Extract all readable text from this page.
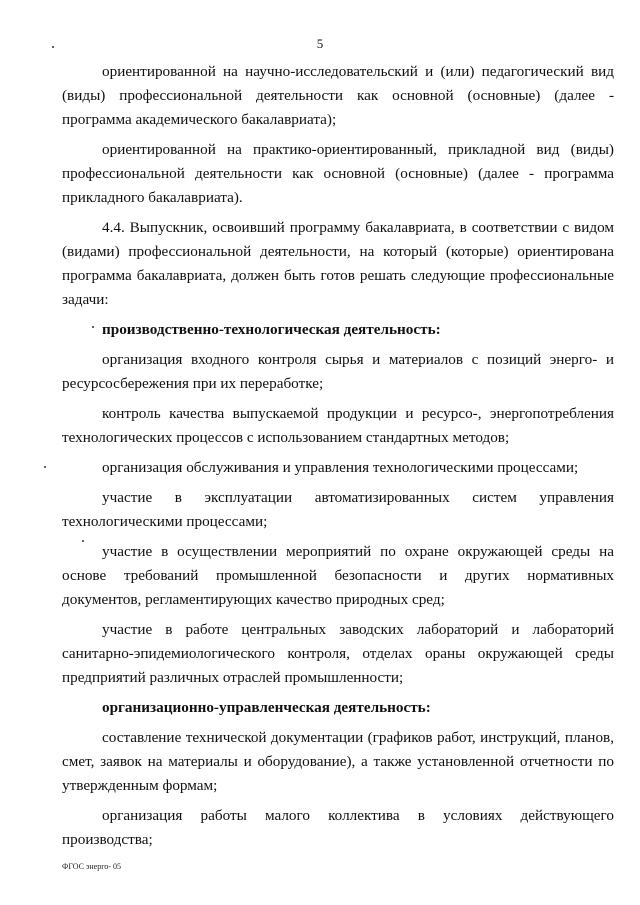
5

ориентированной на научно-исследовательский и (или) педагогический вид (виды) профессиональной деятельности как основной (основные) (далее - программа академического бакалавриата);

ориентированной на практико-ориентированный, прикладной вид (виды) профессиональной деятельности как основной (основные) (далее - программа прикладного бакалавриата).

4.4. Выпускник, освоивший программу бакалавриата, в соответствии с видом (видами) профессиональной деятельности, на который (которые) ориентирована программа бакалавриата, должен быть готов решать следующие профессиональные задачи:

производственно-технологическая деятельность:

организация входного контроля сырья и материалов с позиций энерго- и ресурсосбережения при их переработке;

контроль качества выпускаемой продукции и ресурсо-, энергопотребления технологических процессов с использованием стандартных методов;

организация обслуживания и управления технологическими процессами;

участие в эксплуатации автоматизированных систем управления технологическими процессами;

участие в осуществлении мероприятий по охране окружающей среды на основе требований промышленной безопасности и других нормативных документов, регламентирующих качество природных сред;

участие в работе центральных заводских лабораторий и лабораторий санитарно-эпидемиологического контроля, отделах ораны окружающей среды предприятий различных отраслей промышленности;

организационно-управленческая деятельность:

составление технической документации (графиков работ, инструкций, планов, смет, заявок на материалы и оборудование), а также установленной отчетности по утвержденным формам;

организация работы малого коллектива в условиях действующего производства;

ФГОС энерго- 05
